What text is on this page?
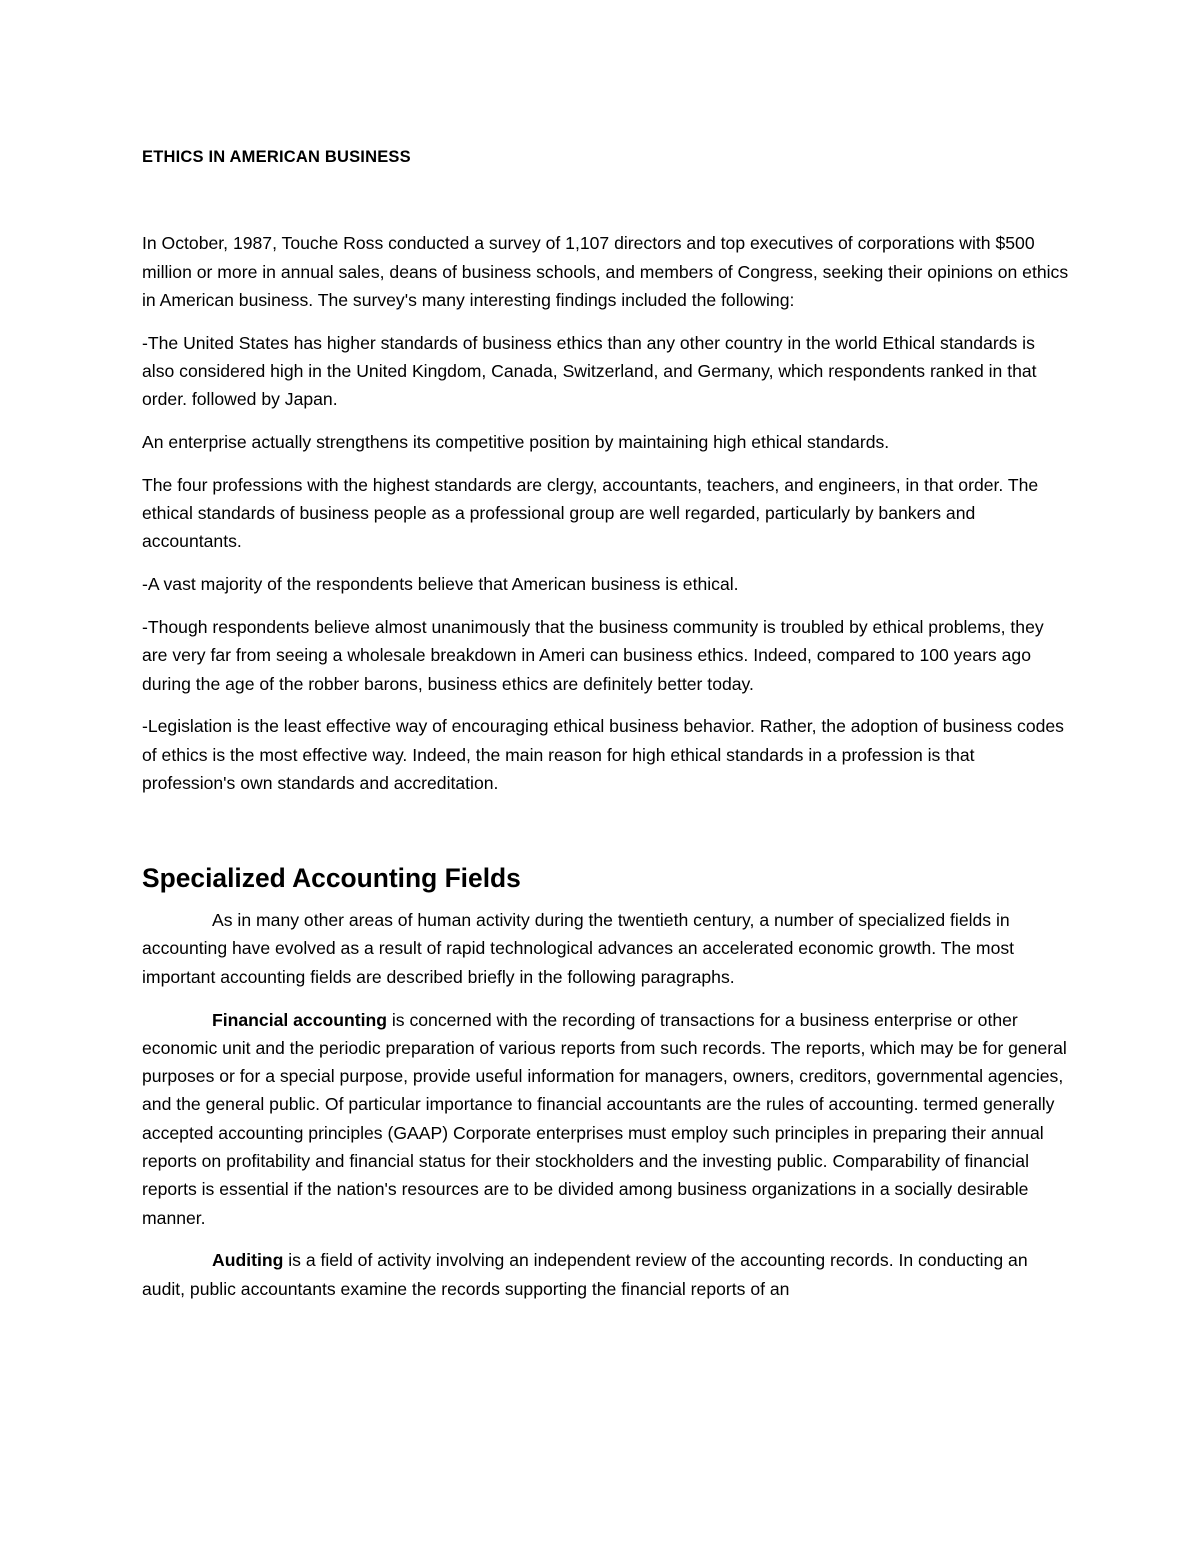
ETHICS IN AMERICAN BUSINESS

In October, 1987, Touche Ross conducted a survey of 1,107 directors and top executives of corporations with $500 million or more in annual sales, deans of business schools, and members of Congress, seeking their opinions on ethics in American business. The survey's many interesting findings included the following:

-The United States has higher standards of business ethics than any other country in the world Ethical standards is also considered high in the United Kingdom, Canada, Switzerland, and Germany, which respondents ranked in that order. followed by Japan.

An enterprise actually strengthens its competitive position by maintaining high ethical standards.

The four professions with the highest standards are clergy, accountants, teachers, and engineers, in that order. The ethical standards of business people as a professional group are well regarded, particularly by bankers and accountants.

-A vast majority of the respondents believe that American business is ethical.

-Though respondents believe almost unanimously that the business community is troubled by ethical problems, they are very far from seeing a wholesale breakdown in Ameri can business ethics. Indeed, compared to 100 years ago during the age of the robber barons, business ethics are definitely better today.

-Legislation is the least effective way of encouraging ethical business behavior. Rather, the adoption of business codes of ethics is the most effective way. Indeed, the main reason for high ethical standards in a profession is that profession's own standards and accreditation.

Specialized Accounting Fields

As in many other areas of human activity during the twentieth century, a number of specialized fields in accounting have evolved as a result of rapid technological advances an accelerated economic growth. The most important accounting fields are described briefly in the following paragraphs.

Financial accounting is concerned with the recording of transactions for a business enterprise or other economic unit and the periodic preparation of various reports from such records. The reports, which may be for general purposes or for a special purpose, provide useful information for managers, owners, creditors, governmental agencies, and the general public. Of particular importance to financial accountants are the rules of accounting. termed generally accepted accounting principles (GAAP) Corporate enterprises must employ such principles in preparing their annual reports on profitability and financial status for their stockholders and the investing public. Comparability of financial reports is essential if the nation's resources are to be divided among business organizations in a socially desirable manner.

Auditing is a field of activity involving an independent review of the accounting records. In conducting an audit, public accountants examine the records supporting the financial reports of an
